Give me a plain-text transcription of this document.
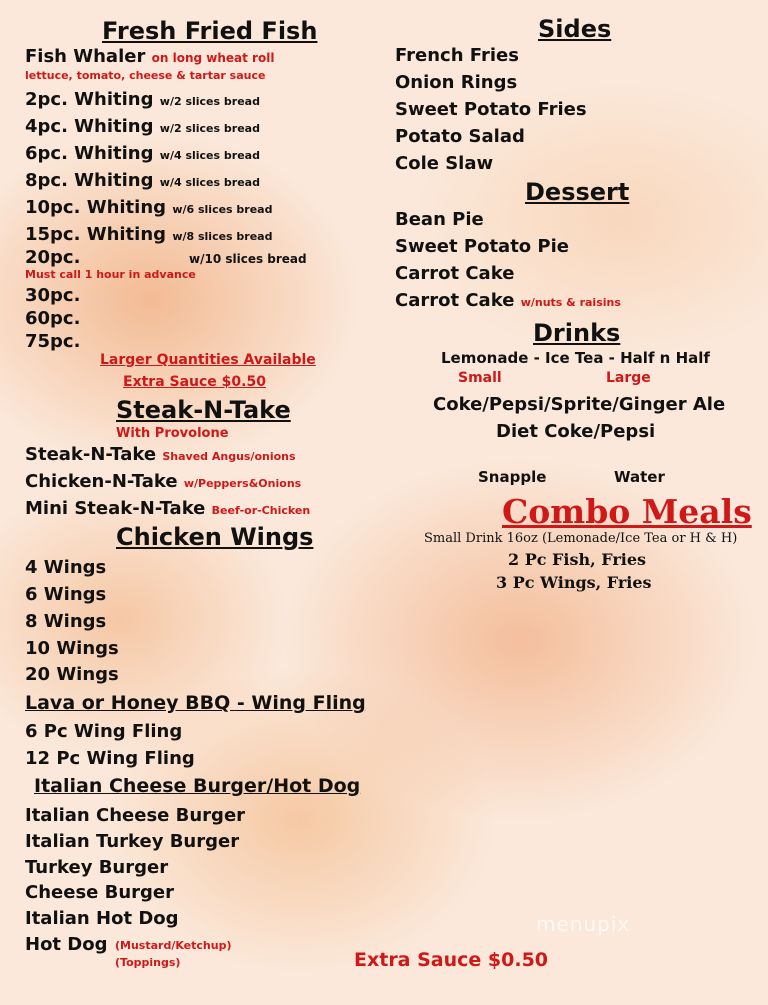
Fresh Fried Fish
Fish Whaler on long wheat roll
lettuce, tomato, cheese & tartar sauce
2pc. Whiting w/2 slices bread
4pc. Whiting w/2 slices bread
6pc. Whiting w/4 slices bread
8pc. Whiting w/4 slices bread
10pc. Whiting w/6 slices bread
15pc. Whiting w/8 slices bread
20pc.	w/10 slices bread
Must call 1 hour in advance
30pc.
60pc.
75pc.
Larger Quantities Available
Extra Sauce $0.50
Steak-N-Take
With Provolone
Steak-N-Take Shaved Angus/onions
Chicken-N-Take w/Peppers&Onions
Mini Steak-N-Take Beef-or-Chicken
Chicken Wings
4 Wings
6 Wings
8 Wings
10 Wings
20 Wings
Lava or Honey BBQ - Wing Fling
6 Pc Wing Fling
12 Pc Wing Fling
Italian Cheese Burger/Hot Dog
Italian Cheese Burger
Italian Turkey Burger
Turkey Burger
Cheese Burger
Italian Hot Dog
Hot Dog (Mustard/Ketchup)
(Toppings)
Sides
French Fries
Onion Rings
Sweet Potato Fries
Potato Salad
Cole Slaw
Dessert
Bean Pie
Sweet Potato Pie
Carrot Cake
Carrot Cake w/nuts & raisins
Drinks
Lemonade - Ice Tea - Half n Half
Small	Large
Coke/Pepsi/Sprite/Ginger Ale
Diet Coke/Pepsi
Snapple	Water
Combo Meals
Small Drink 16oz (Lemonade/Ice Tea or H & H)
2 Pc Fish, Fries
3 Pc Wings, Fries
menupix
Extra Sauce $0.50
